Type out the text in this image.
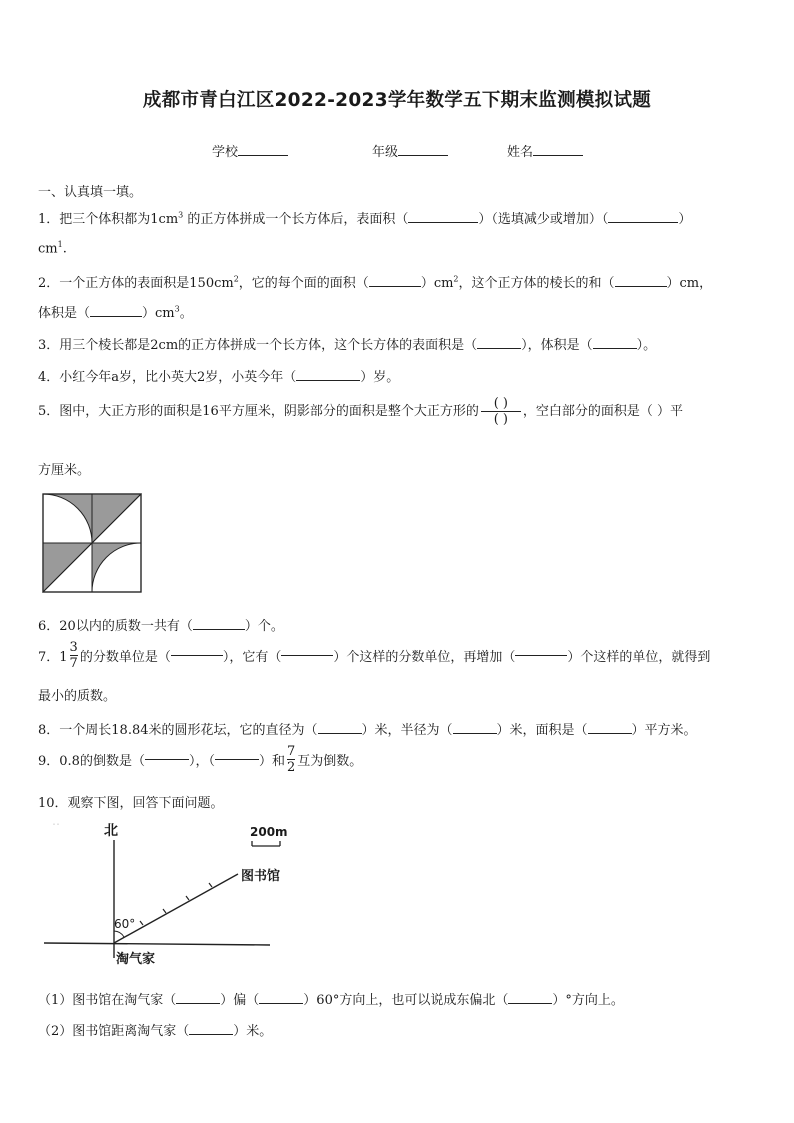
成都市青白江区2022-2023学年数学五下期末监测模拟试题
学校	年级	姓名
一、认真填一填。
1．把三个体积都为$1cm^3$ 的正方体拼成一个长方体后，表面积（	）（选填减少或增加）（	）
$cm^1$.
2．一个正方体的表面积是$150cm^2$，它的每个面的面积（	）$cm^2$，这个正方体的棱长的和（	）cm，
体积是（	）$cm^3$。
3．用三个棱长都是2cm的正方体拼成一个长方体，这个长方体的表面积是（	），体积是（	）。
4．小红今年a岁，比小英大2岁，小英今年（	）岁。
5．图中，大正方形的面积是16平方厘米，阴影部分的面积是整个大正方形的 $\frac{( )}{( )}$ ，空白部分的面积是（ ）平
方厘米。
6．20以内的质数一共有（	）个。
7．$1 \frac{3}{7}$ 的分数单位是（	），它有（	）个这样的分数单位，再增加（	）个这样的单位，就得到
最小的质数。
8．一个周长18.84米的圆形花坛，它的直径为（	）米，半径为（	）米，面积是（	）平方米。
9．0.8的倒数是（	），（	）和 $\frac{7}{2}$ 互为倒数。
10．观察下图，回答下面问题。
˙˙	北	200m
图书馆
60°
淘气家
（1）图书馆在淘气家（	）偏（	）60°方向上，也可以说成东偏北（	）°方向上。
（2）图书馆距离淘气家（	）米。
